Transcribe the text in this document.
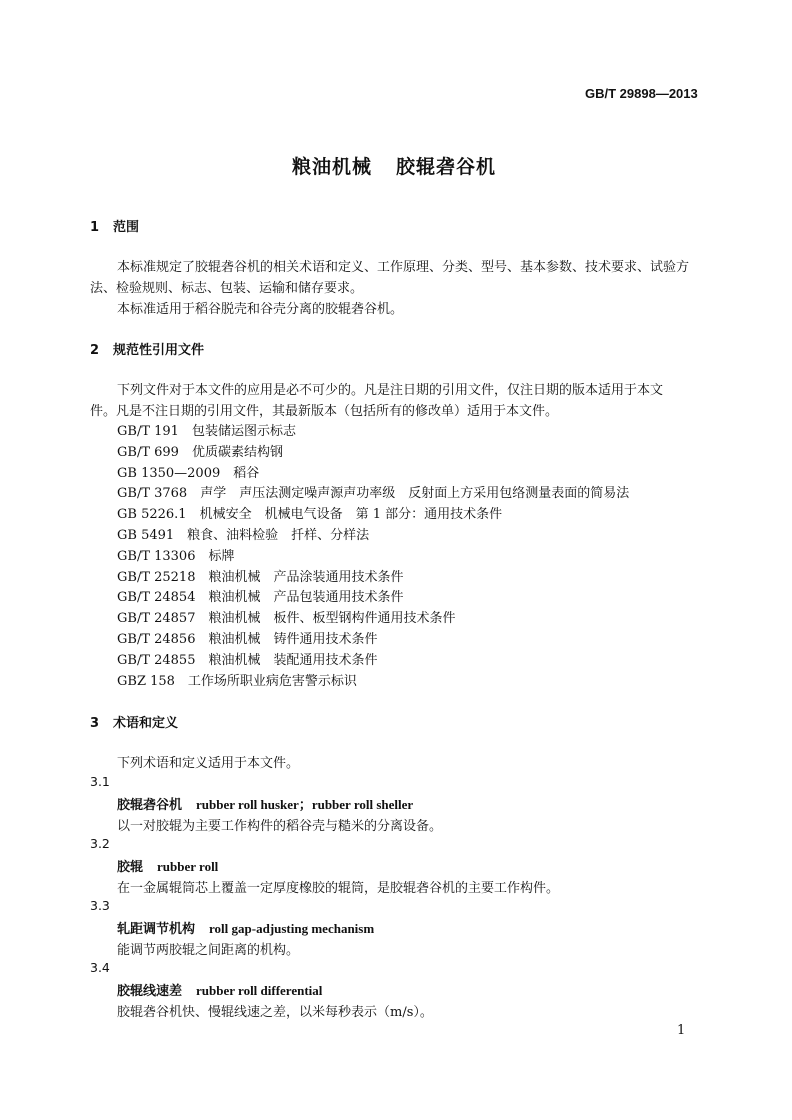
GB/T 29898—2013
粮油机械 胶辊砻谷机
1 范围
本标准规定了胶辊砻谷机的相关术语和定义、工作原理、分类、型号、基本参数、技术要求、试验方
法、检验规则、标志、包装、运输和储存要求。
本标准适用于稻谷脱壳和谷壳分离的胶辊砻谷机。
2 规范性引用文件
下列文件对于本文件的应用是必不可少的。凡是注日期的引用文件，仅注日期的版本适用于本文
件。凡是不注日期的引用文件，其最新版本（包括所有的修改单）适用于本文件。
GB/T 191 包装储运图示标志
GB/T 699 优质碳素结构钢
GB 1350—2009 稻谷
GB/T 3768 声学　声压法测定噪声源声功率级　反射面上方采用包络测量表面的简易法
GB 5226.1 机械安全　机械电气设备　第 1 部分：通用技术条件
GB 5491 粮食、油料检验　扦样、分样法
GB/T 13306 标牌
GB/T 25218 粮油机械　产品涂装通用技术条件
GB/T 24854 粮油机械　产品包装通用技术条件
GB/T 24857 粮油机械　板件、板型钢构件通用技术条件
GB/T 24856 粮油机械　铸件通用技术条件
GB/T 24855 粮油机械　装配通用技术条件
GBZ 158 工作场所职业病危害警示标识
3 术语和定义
下列术语和定义适用于本文件。
3.1
胶辊砻谷机 rubber roll husker；rubber roll sheller
以一对胶辊为主要工作构件的稻谷壳与糙米的分离设备。
3.2
胶辊 rubber roll
在一金属辊筒芯上覆盖一定厚度橡胶的辊筒，是胶辊砻谷机的主要工作构件。
3.3
轧距调节机构 roll gap-adjusting mechanism
能调节两胶辊之间距离的机构。
3.4
胶辊线速差 rubber roll differential
胶辊砻谷机快、慢辊线速之差，以米每秒表示（m/s）。
1
